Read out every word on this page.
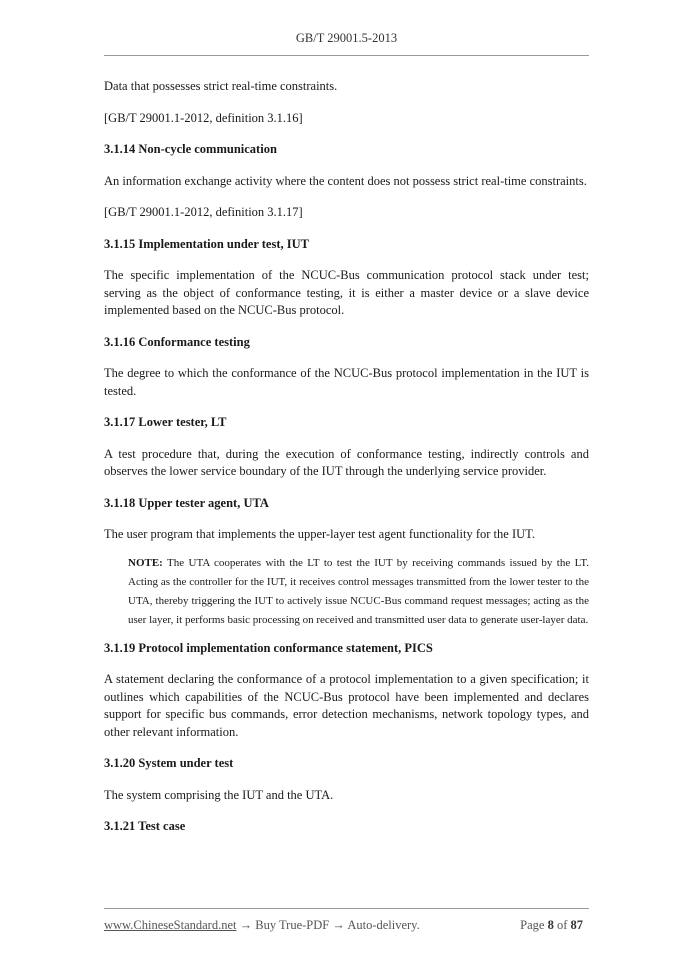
GB/T 29001.5-2013

Data that possesses strict real-time constraints.

[GB/T 29001.1-2012, definition 3.1.16]

3.1.14 Non-cycle communication

An information exchange activity where the content does not possess strict real-time constraints.

[GB/T 29001.1-2012, definition 3.1.17]

3.1.15 Implementation under test, IUT

The specific implementation of the NCUC-Bus communication protocol stack under test; serving as the object of conformance testing, it is either a master device or a slave device implemented based on the NCUC-Bus protocol.

3.1.16 Conformance testing

The degree to which the conformance of the NCUC-Bus protocol implementation in the IUT is tested.

3.1.17 Lower tester, LT

A test procedure that, during the execution of conformance testing, indirectly controls and observes the lower service boundary of the IUT through the underlying service provider.

3.1.18 Upper tester agent, UTA

The user program that implements the upper-layer test agent functionality for the IUT.

NOTE: The UTA cooperates with the LT to test the IUT by receiving commands issued by the LT. Acting as the controller for the IUT, it receives control messages transmitted from the lower tester to the UTA, thereby triggering the IUT to actively issue NCUC-Bus command request messages; acting as the user layer, it performs basic processing on received and transmitted user data to generate user-layer data.

3.1.19 Protocol implementation conformance statement, PICS

A statement declaring the conformance of a protocol implementation to a given specification; it outlines which capabilities of the NCUC-Bus protocol have been implemented and declares support for specific bus commands, error detection mechanisms, network topology types, and other relevant information.

3.1.20 System under test

The system comprising the IUT and the UTA.

3.1.21 Test case

www.ChineseStandard.net → Buy True-PDF → Auto-delivery.	Page 8 of 87
